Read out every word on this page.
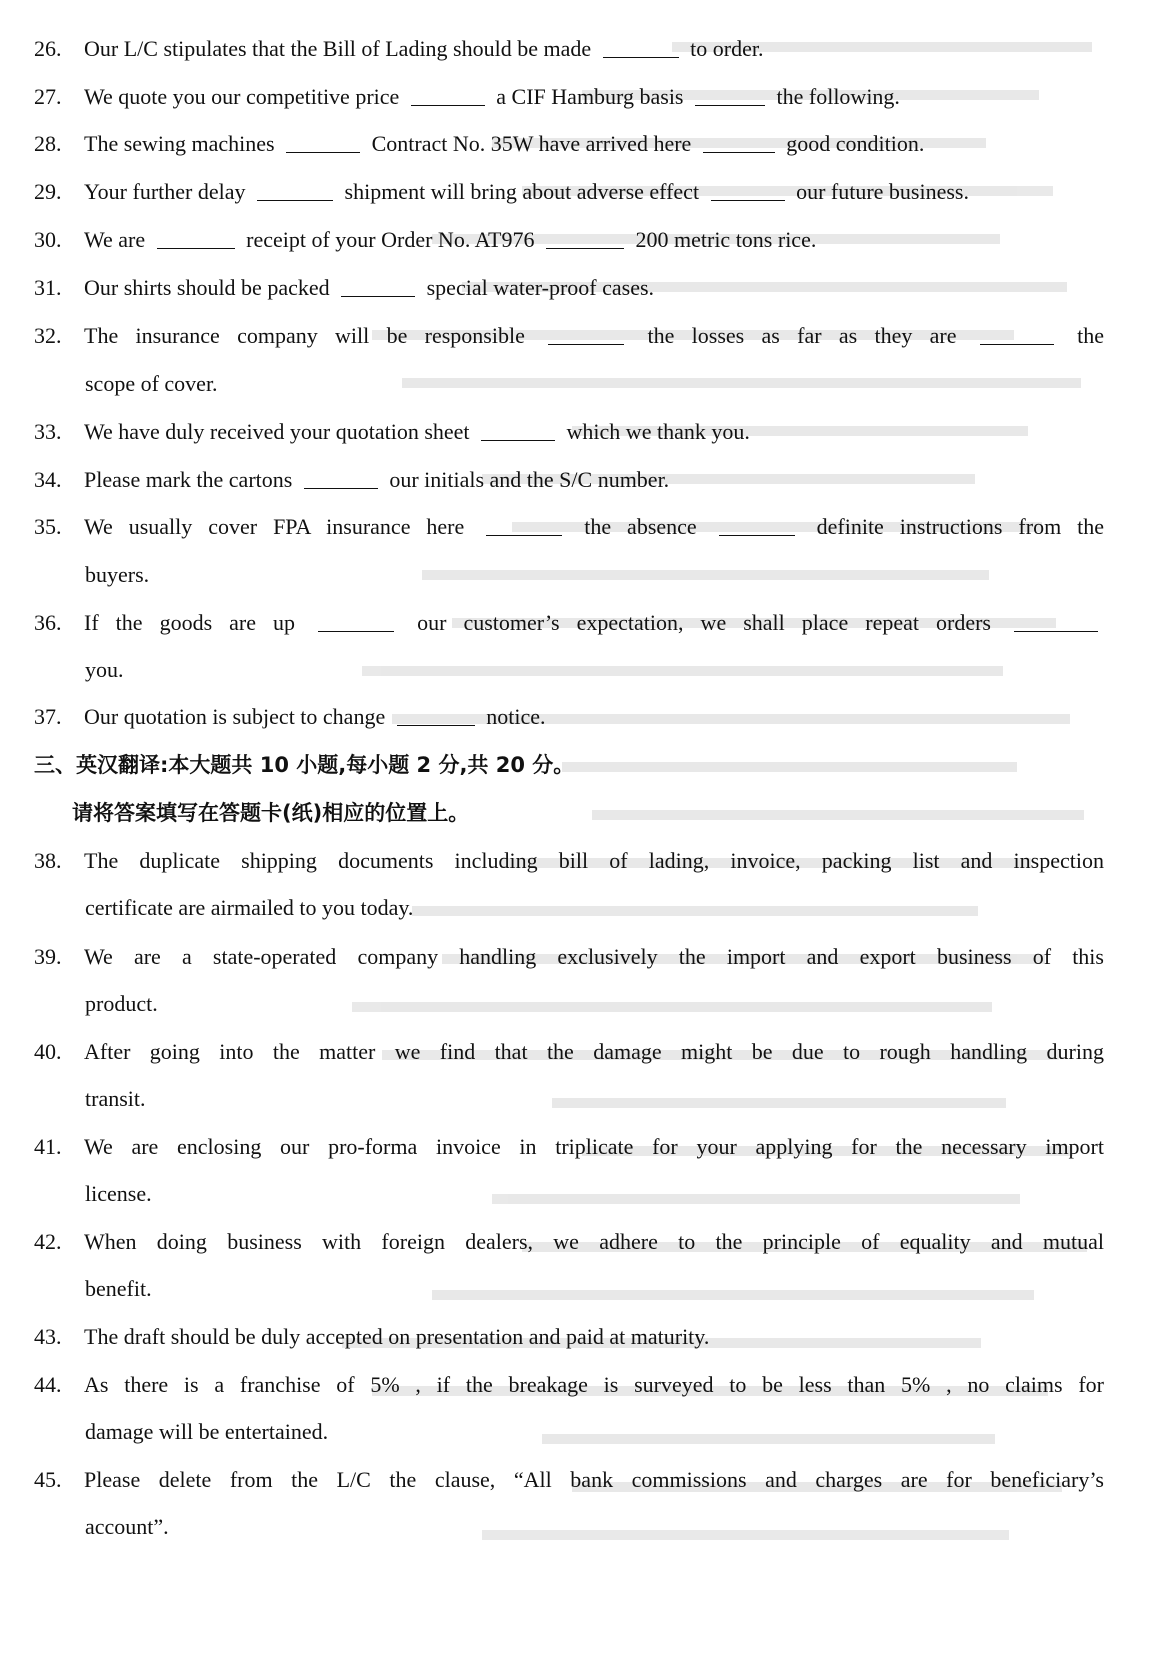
26. Our L/C stipulates that the Bill of Lading should be made	to order.
27. We quote you our competitive price	a CIF Hamburg basis	the following.
28. The sewing machines	Contract No. 35W have arrived here	good condition.
29. Your further delay	shipment will bring about adverse effect	our future business.
30. We are	receipt of your Order No. AT976	200 metric tons rice.
31. Our shirts should be packed	special water-proof cases.
32. The insurance company will be responsible	the losses as far as they are	the
scope of cover.
33. We have duly received your quotation sheet	which we thank you.
34. Please mark the cartons	our initials and the S/C number.
35. We usually cover FPA insurance here	the absence	definite instructions from the
buyers.
36. If the goods are up	our customer’s expectation, we shall place repeat orders
you.
37. Our quotation is subject to change	notice.
三、英汉翻译:本大题共 10 小题,每小题 2 分,共 20 分。
请将答案填写在答题卡(纸)相应的位置上。
38. The duplicate shipping documents including bill of lading, invoice, packing list and inspection
certificate are airmailed to you today.
39. We are a state-operated company handling exclusively the import and export business of this
product.
40. After going into the matter we find that the damage might be due to rough handling during
transit.
41. We are enclosing our pro-forma invoice in triplicate for your applying for the necessary import
license.
42. When doing business with foreign dealers, we adhere to the principle of equality and mutual
benefit.
43. The draft should be duly accepted on presentation and paid at maturity.
44. As there is a franchise of 5% , if the breakage is surveyed to be less than 5% , no claims for
damage will be entertained.
45. Please delete from the L/C the clause, “All bank commissions and charges are for beneficiary’s
account”.
